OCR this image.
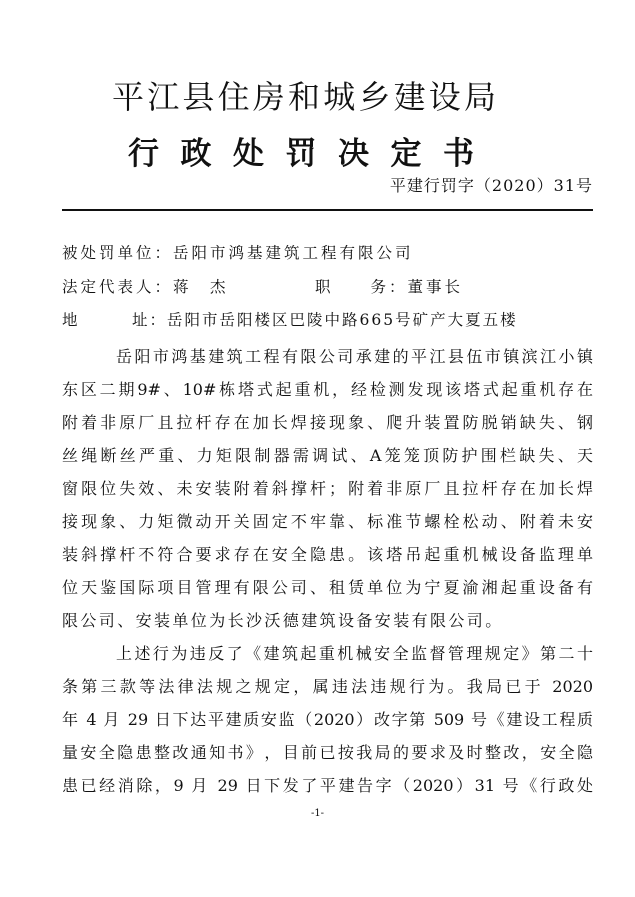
平​江​县​住​房​和​城​乡​建​设​局
行​政​处​罚​决​定​书
平建行罚字（2020）31号
被处罚单位：岳阳市鸿基建筑工程有限公司
法定代表人：蒋　杰	职　　务：董事长
地　　　址：岳阳市岳阳楼区巴陵中路665号矿产大夏五楼
岳​阳​市​鸿​基​建​筑​工​程​有​限​公​司​承​建​的​平​江​县​伍​市​镇​滨​江​小​镇
东​区​二​期​9​#​、​1​0​#​栋​塔​式​起​重​机​，​经​检​测​发​现​该​塔​式​起​重​机​存​在
附​着​非​原​厂​且​拉​杆​存​在​加​长​焊​接​现​象​、​爬​升​装​置​防​脱​销​缺​失​、​钢
丝​绳​断​丝​严​重​、​力​矩​限​制​器​需​调​试​、​A​笼​笼​顶​防​护​围​栏​缺​失​、​天
窗​限​位​失​效​、​未​安​装​附​着​斜​撑​杆​；​附​着​非​原​厂​且​拉​杆​存​在​加​长​焊
接​现​象​、​力​矩​微​动​开​关​固​定​不​牢​靠​、​标​准​节​螺​栓​松​动​、​附​着​未​安
装​斜​撑​杆​不​符​合​要​求​存​在​安​全​隐​患​。​该​塔​吊​起​重​机​械​设​备​监​理​单
位​天​鉴​国​际​项​目​管​理​有​限​公​司​、​租​赁​单​位​为​宁​夏​渝​湘​起​重​设​备​有
限公司、安装单位为长沙沃德建筑设备安装有限公司。
上​述​行​为​违​反​了​《​建​筑​起​重​机​械​安​全​监​督​管​理​规​定​》​第​二​十
条​第​三​款​等​法​律​法​规​之​规​定​，​属​违​法​违​规​行​为​。​我​局​已​于​ ​2​0​2​0
年​ ​4​ ​月​ ​2​9​ ​日​下​达​平​建​质​安​监​（​2​0​2​0​）​改​字​第​ ​5​0​9​ ​号​《​建​设​工​程​质
量​安​全​隐​患​整​改​通​知​书​》​，​目​前​已​按​我​局​的​要​求​及​时​整​改​，​安​全​隐
患​已​经​消​除​，​9​ ​月​ ​2​9​ ​日​下​发​了​平​建​告​字​（​2​0​2​0​）​3​1​ ​号​《​行​政​处
-1-
